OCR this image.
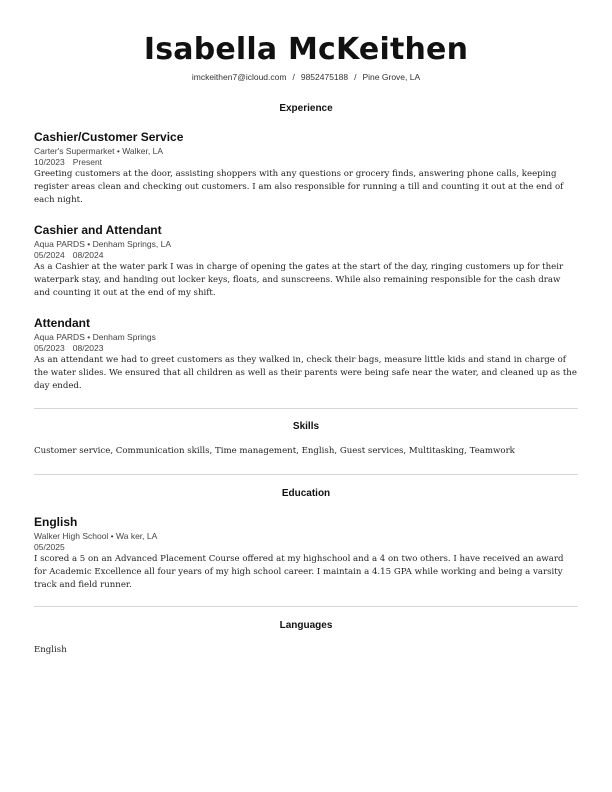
Isabella McKeithen
imckeithen7@icloud.com / 9852475188 / Pine Grove, LA
Experience
Cashier/Customer Service
Carter's Supermarket • Walker, LA
10/2023 Present
Greeting customers at the door, assisting shoppers with any questions or grocery finds, answering phone calls, keeping register areas clean and checking out customers. I am also responsible for running a till and counting it out at the end of each night.
Cashier and Attendant
Aqua PARDS • Denham Springs, LA
05/2024 08/2024
As a Cashier at the water park I was in charge of opening the gates at the start of the day, ringing customers up for their waterpark stay, and handing out locker keys, floats, and sunscreens. While also remaining responsible for the cash draw and counting it out at the end of my shift.
Attendant
Aqua PARDS • Denham Springs
05/2023 08/2023
As an attendant we had to greet customers as they walked in, check their bags, measure little kids and stand in charge of the water slides. We ensured that all children as well as their parents were being safe near the water, and cleaned up as the day ended.
Skills
Customer service, Communication skills, Time management, English, Guest services, Multitasking, Teamwork
Education
English
Walker High School • Wa ker, LA
05/2025
I scored a 5 on an Advanced Placement Course offered at my highschool and a 4 on two others. I have received an award for Academic Excellence all four years of my high school career. I maintain a 4.15 GPA while working and being a varsity track and field runner.
Languages
English
